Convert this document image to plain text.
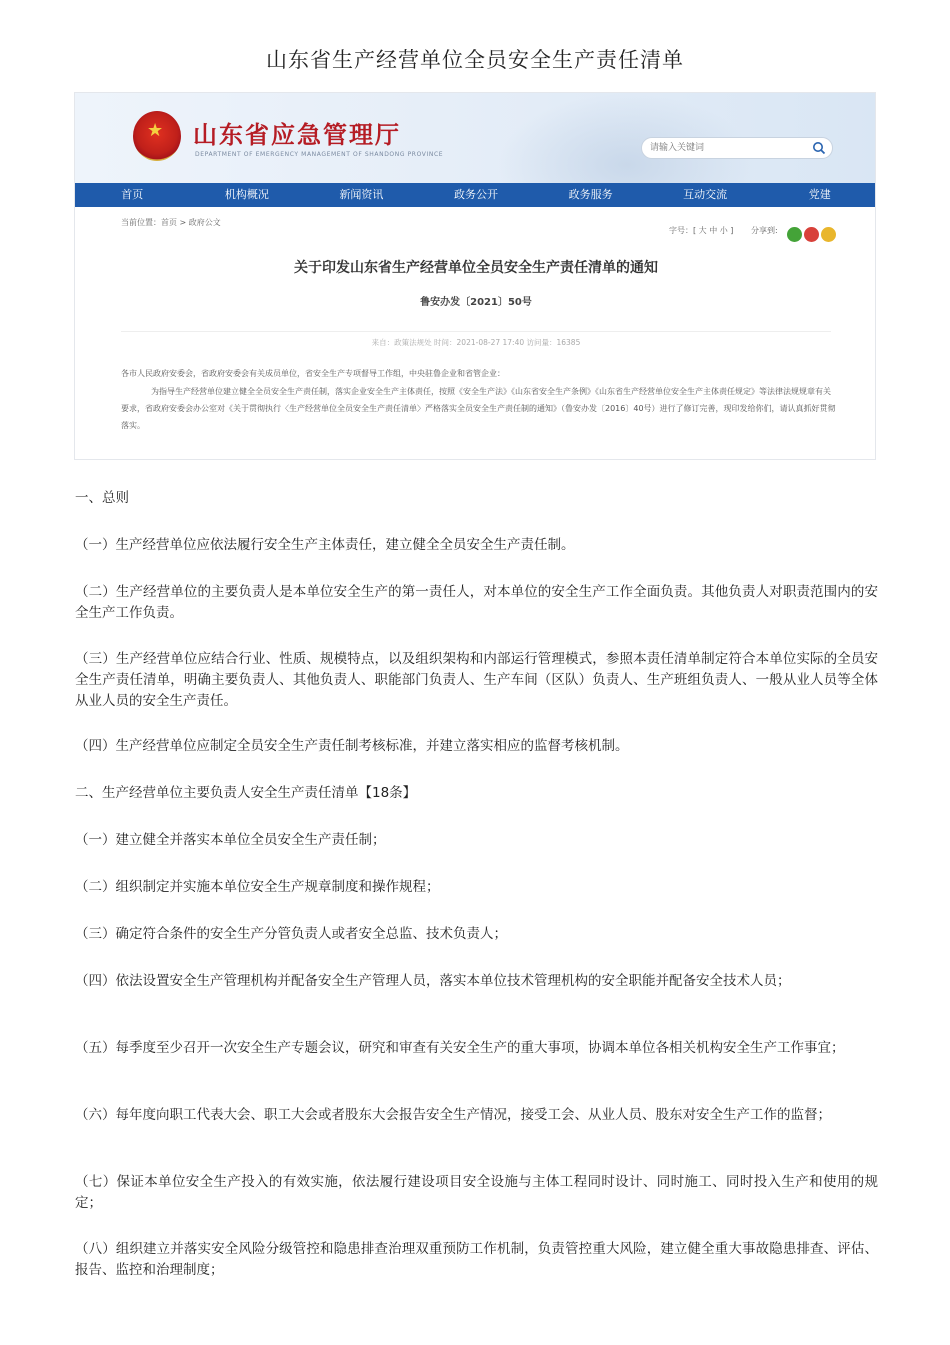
山东省生产经营单位全员安全生产责任清单
★ 山东省应急管理厅
DEPARTMENT OF EMERGENCY MANAGEMENT OF SHANDONG PROVINCE
请输入关键词
首页	机构概况	新闻资讯	政务公开	政务服务	互动交流	党建
当前位置：首页 > 政府公文
字号：[ 大 中 小 ] 分享到:
关于印发山东省生产经营单位全员安全生产责任清单的通知
鲁安办发〔2021〕50号
来自：政策法规处 时间：2021-08-27 17:40 访问量：16385
各市人民政府安委会，省政府安委会有关成员单位，省安全生产专项督导工作组，中央驻鲁企业和省管企业：
为指导生产经营单位建立健全全员安全生产责任制，落实企业安全生产主体责任，按照《安全生产法》《山东省安全生产条例》《山东省生产经营单位安全生产主体责任规定》等法律法规规章有关要求，省政府安委会办公室对《关于贯彻执行〈生产经营单位全员安全生产责任清单〉严格落实全员安全生产责任制的通知》（鲁安办发〔2016〕40号）进行了修订完善，现印发给你们，请认真抓好贯彻落实。
一、总则
（一）生产经营单位应依法履行安全生产主体责任，建立健全全员安全生产责任制。
（二）生产经营单位的主要负责人是本单位安全生产的第一责任人，对本单位的安全生产工作全面负责。其他负责人对职责范围内的安全生产工作负责。
（三）生产经营单位应结合行业、性质、规模特点，以及组织架构和内部运行管理模式，参照本责任清单制定符合本单位实际的全员安全生产责任清单，明确主要负责人、其他负责人、职能部门负责人、生产车间（区队）负责人、生产班组负责人、一般从业人员等全体从业人员的安全生产责任。
（四）生产经营单位应制定全员安全生产责任制考核标准，并建立落实相应的监督考核机制。
二、生产经营单位主要负责人安全生产责任清单【18条】
（一）建立健全并落实本单位全员安全生产责任制；
（二）组织制定并实施本单位安全生产规章制度和操作规程；
（三）确定符合条件的安全生产分管负责人或者安全总监、技术负责人；
（四）依法设置安全生产管理机构并配备安全生产管理人员，落实本单位技术管理机构的安全职能并配备安全技术人员；
（五）每季度至少召开一次安全生产专题会议，研究和审查有关安全生产的重大事项，协调本单位各相关机构安全生产工作事宜；
（六）每年度向职工代表大会、职工大会或者股东大会报告安全生产情况，接受工会、从业人员、股东对安全生产工作的监督；
（七）保证本单位安全生产投入的有效实施，依法履行建设项目安全设施与主体工程同时设计、同时施工、同时投入生产和使用的规定；
（八）组织建立并落实安全风险分级管控和隐患排查治理双重预防工作机制，负责管控重大风险，建立健全重大事故隐患排查、评估、报告、监控和治理制度；
